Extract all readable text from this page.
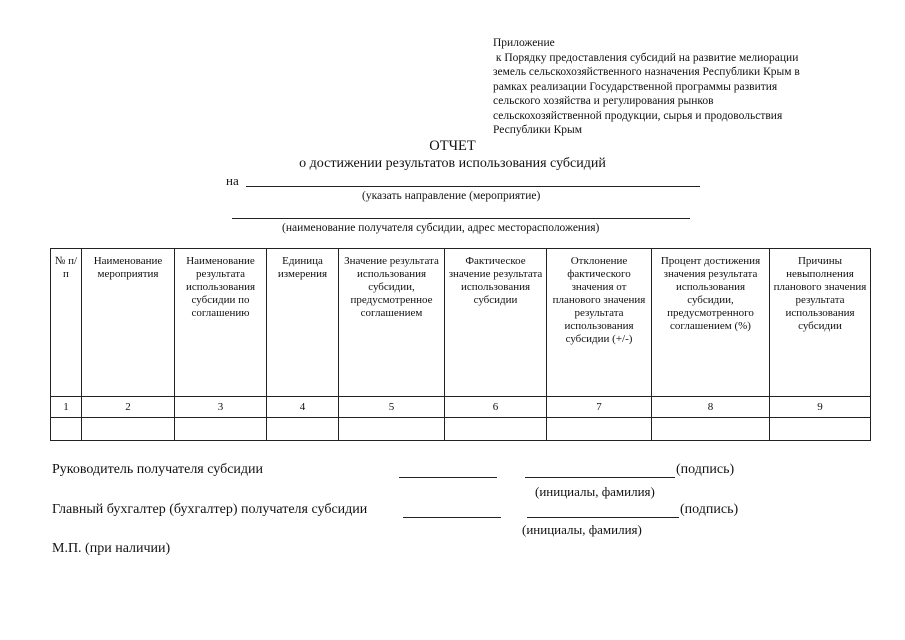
Приложение
к Порядку предоставления субсидий на развитие мелиорации
земель сельскохозяйственного назначения Республики Крым в
рамках реализации Государственной программы развития
сельского хозяйства и регулирования рынков
сельскохозяйственной продукции, сырья и продовольствия
Республики Крым
ОТЧЕТ
о достижении результатов использования субсидий
на
(указать направление (мероприятие)
(наименование получателя субсидии, адрес месторасположения)
№ п/п	Наименование мероприятия	Наименование результата использования субсидии по соглашению	Единица измерения	Значение результата использования субсидии, предусмотренное соглашением	Фактическое значение результата использования субсидии	Отклонение фактического значения от планового значения результата использования субсидии (+/-)	Процент достижения значения результата использования субсидии, предусмотренного соглашением (%)	Причины невыполнения планового значения результата использования субсидии
1	2	3	4	5	6	7	8	9

Руководитель получателя субсидии	(подпись)
(инициалы, фамилия)
Главный бухгалтер (бухгалтер) получателя субсидии	(подпись)
(инициалы, фамилия)
М.П. (при наличии)
